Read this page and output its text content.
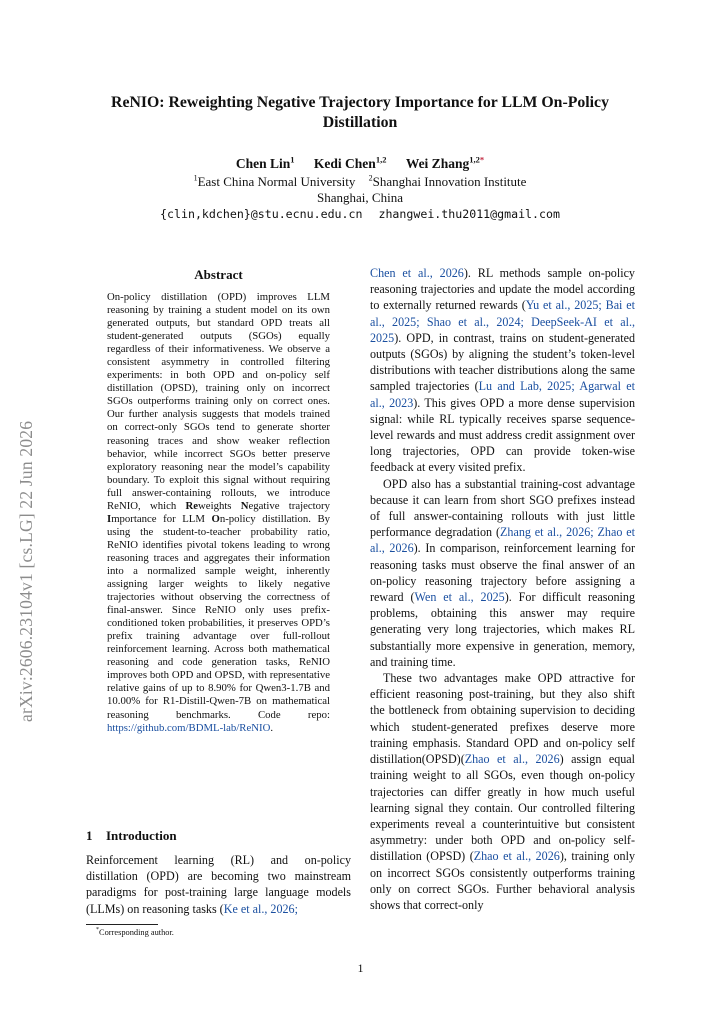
arXiv:2606.23104v1 [cs.LG] 22 Jun 2026
ReNIO: Reweighting Negative Trajectory Importance for LLM On-Policy
Distillation
Chen Lin$^1$ Kedi Chen$^{1,2}$ Wei Zhang$^{1,2*}$
$^1$East China Normal University $^2$Shanghai Innovation Institute
Shanghai, China
{clin,kdchen}@stu.ecnu.edu.cn zhangwei.thu2011@gmail.com
Abstract
On-policy distillation (OPD) improves LLM reasoning by training a student model on its own generated outputs, but standard OPD treats all student-generated outputs (SGOs) equally regardless of their informativeness. We observe a consistent asymmetry in controlled filtering experiments: in both OPD and on-policy self distillation (OPSD), training only on incorrect SGOs outperforms training only on correct ones. Our further analysis suggests that models trained on correct-only SGOs tend to generate shorter reasoning traces and show weaker reflection behavior, while incorrect SGOs better preserve exploratory reasoning near the model’s capability boundary. To exploit this signal without requiring full answer-containing rollouts, we introduce ReNIO, which Reweights Negative trajectory Importance for LLM On-policy distillation. By using the student-to-teacher probability ratio, ReNIO identifies pivotal tokens leading to wrong reasoning traces and aggregates their information into a normalized sample weight, inherently assigning larger weights to likely negative trajectories without observing the correctness of final-answer. Since ReNIO only uses prefix-conditioned token probabilities, it preserves OPD’s prefix training advantage over full-rollout reinforcement learning. Across both mathematical reasoning and code generation tasks, ReNIO improves both OPD and OPSD, with representative relative gains of up to 8.90% for Qwen3-1.7B and 10.00% for R1-Distill-Qwen-7B on mathematical reasoning benchmarks. Code repo: https://github.com/BDML-lab/ReNIO.
1 Introduction
Reinforcement learning (RL) and on-policy distillation (OPD) are becoming two mainstream paradigms for post-training large language models (LLMs) on reasoning tasks (Ke et al., 2026;
*Corresponding author.

Chen et al., 2026). RL methods sample on-policy reasoning trajectories and update the model according to externally returned rewards (Yu et al., 2025; Bai et al., 2025; Shao et al., 2024; DeepSeek-AI et al., 2025). OPD, in contrast, trains on student-generated outputs (SGOs) by aligning the student’s token-level distributions with teacher distributions along the same sampled trajectories (Lu and Lab, 2025; Agarwal et al., 2023). This gives OPD a more dense supervision signal: while RL typically receives sparse sequence-level rewards and must address credit assignment over long trajectories, OPD can provide token-wise feedback at every visited prefix.

OPD also has a substantial training-cost advantage because it can learn from short SGO prefixes instead of full answer-containing rollouts with just little performance degradation (Zhang et al., 2026; Zhao et al., 2026). In comparison, reinforcement learning for reasoning tasks must observe the final answer of an on-policy reasoning trajectory before assigning a reward (Wen et al., 2025). For difficult reasoning problems, obtaining this answer may require generating very long trajectories, which makes RL substantially more expensive in generation, memory, and training time.

These two advantages make OPD attractive for efficient reasoning post-training, but they also shift the bottleneck from obtaining supervision to deciding which student-generated prefixes deserve more training emphasis. Standard OPD and on-policy self distillation(OPSD)(Zhao et al., 2026) assign equal training weight to all SGOs, even though on-policy trajectories can differ greatly in how much useful learning signal they contain. Our controlled filtering experiments reveal a counterintuitive but consistent asymmetry: under both OPD and on-policy self-distillation (OPSD) (Zhao et al., 2026), training only on incorrect SGOs consistently outperforms training only on correct SGOs. Further behavioral analysis shows that correct-only

1
